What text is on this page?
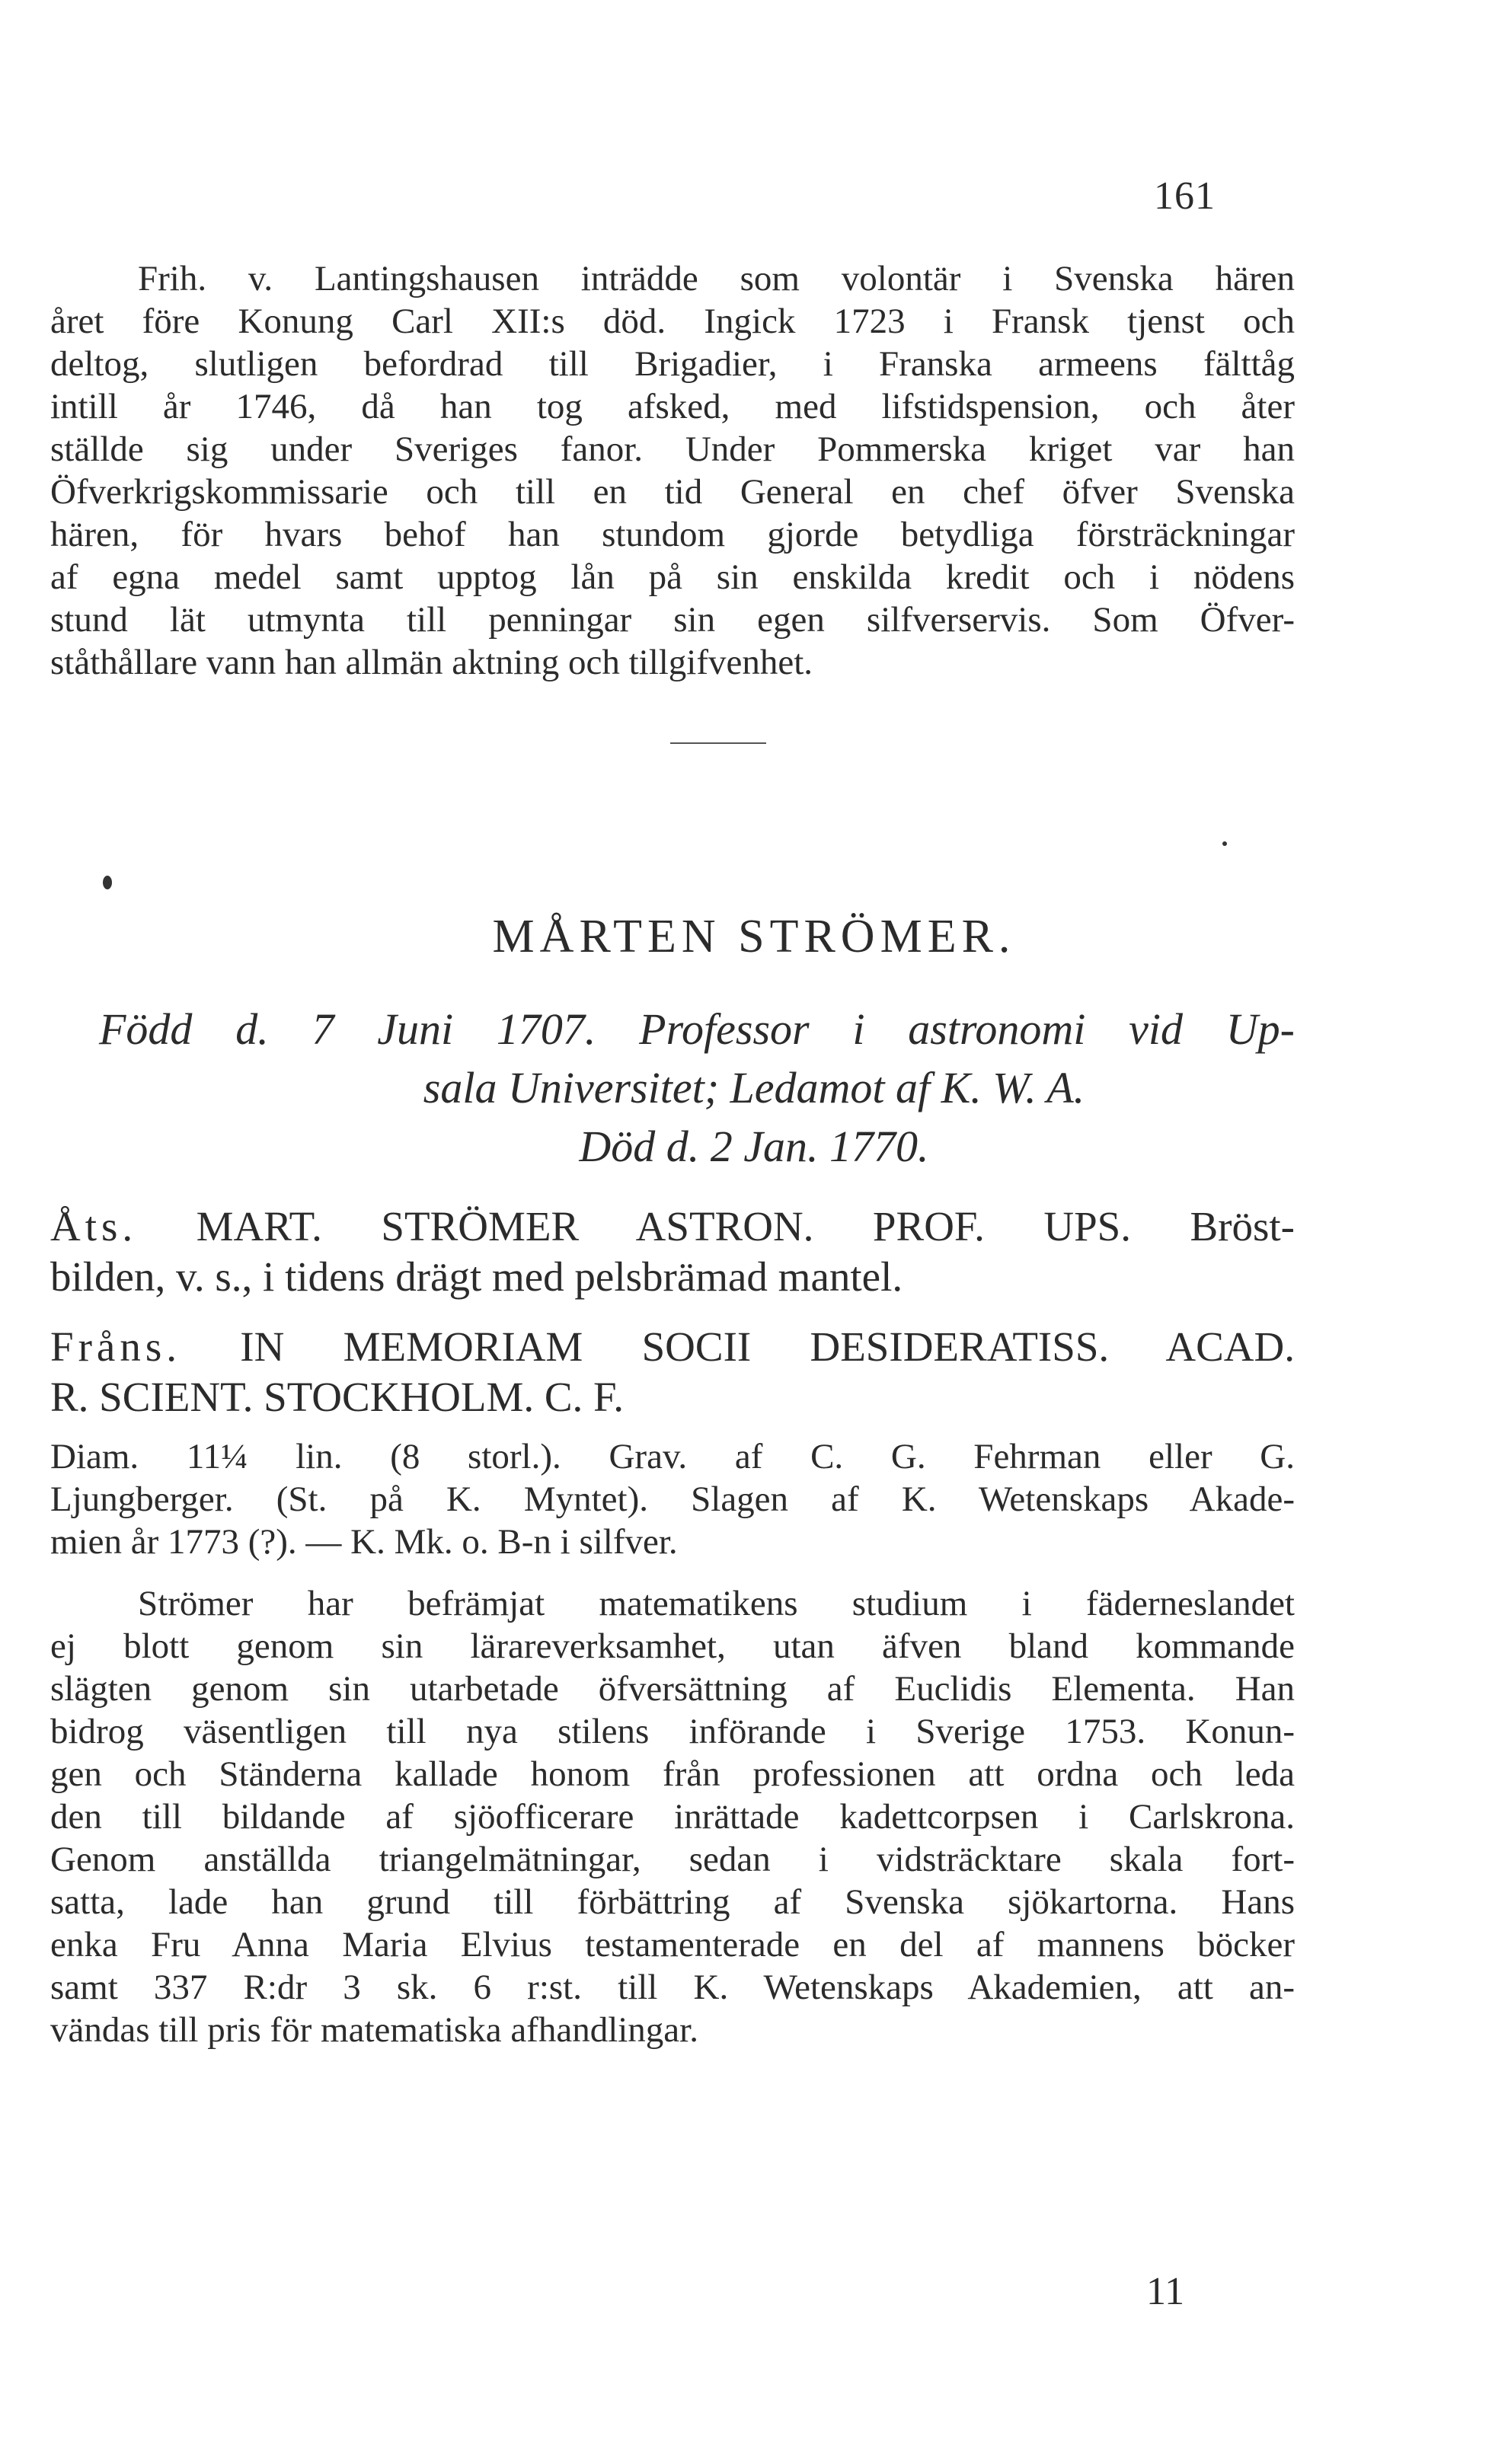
161
Frih. v. Lantingshausen inträdde som volontär i Svenska hären
året före Konung Carl XII:s död. Ingick 1723 i Fransk tjenst och
deltog, slutligen befordrad till Brigadier, i Franska armeens fälttåg
intill år 1746, då han tog afsked, med lifstidspension, och åter
ställde sig under Sveriges fanor. Under Pommerska kriget var han
Öfverkrigskommissarie och till en tid General en chef öfver Svenska
hären, för hvars behof han stundom gjorde betydliga försträckningar
af egna medel samt upptog lån på sin enskilda kredit och i nödens
stund lät utmynta till penningar sin egen silfverservis. Som Öfver-
ståthållare vann han allmän aktning och tillgifvenhet.
MÅRTEN STRÖMER.
Född d. 7 Juni 1707. Professor i astronomi vid Up-
sala Universitet; Ledamot af K. W. A.
Död d. 2 Jan. 1770.
Åts. MART. STRÖMER ASTRON. PROF. UPS. Bröst-
bilden, v. s., i tidens drägt med pelsbrämad mantel.
Fråns. IN MEMORIAM SOCII DESIDERATISS. ACAD.
R. SCIENT. STOCKHOLM. C. F.
Diam. 11¼ lin. (8 storl.). Grav. af C. G. Fehrman eller G.
Ljungberger. (St. på K. Myntet). Slagen af K. Wetenskaps Akade-
mien år 1773 (?). — K. Mk. o. B-n i silfver.
Strömer har befrämjat matematikens studium i fäderneslandet
ej blott genom sin lärareverksamhet, utan äfven bland kommande
slägten genom sin utarbetade öfversättning af Euclidis Elementa. Han
bidrog väsentligen till nya stilens införande i Sverige 1753. Konun-
gen och Ständerna kallade honom från professionen att ordna och leda
den till bildande af sjöofficerare inrättade kadettcorpsen i Carlskrona.
Genom anställda triangelmätningar, sedan i vidsträcktare skala fort-
satta, lade han grund till förbättring af Svenska sjökartorna. Hans
enka Fru Anna Maria Elvius testamenterade en del af mannens böcker
samt 337 R:dr 3 sk. 6 r:st. till K. Wetenskaps Akademien, att an-
vändas till pris för matematiska afhandlingar.
11
